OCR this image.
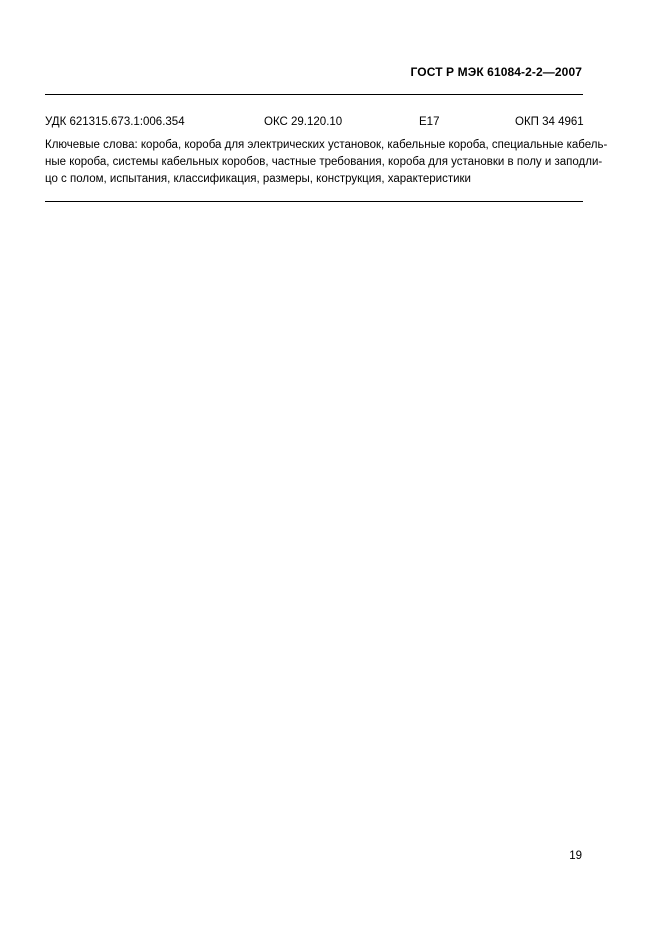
ГОСТ Р МЭК 61084-2-2—2007
УДК 621315.673.1:006.354	ОКС 29.120.10	Е17	ОКП 34 4961
Ключевые слова: короба, короба для электрических установок, кабельные короба, специальные кабель-
ные короба, системы кабельных коробов, частные требования, короба для установки в полу и заподли-
цо с полом, испытания, классификация, размеры, конструкция, характеристики
19
